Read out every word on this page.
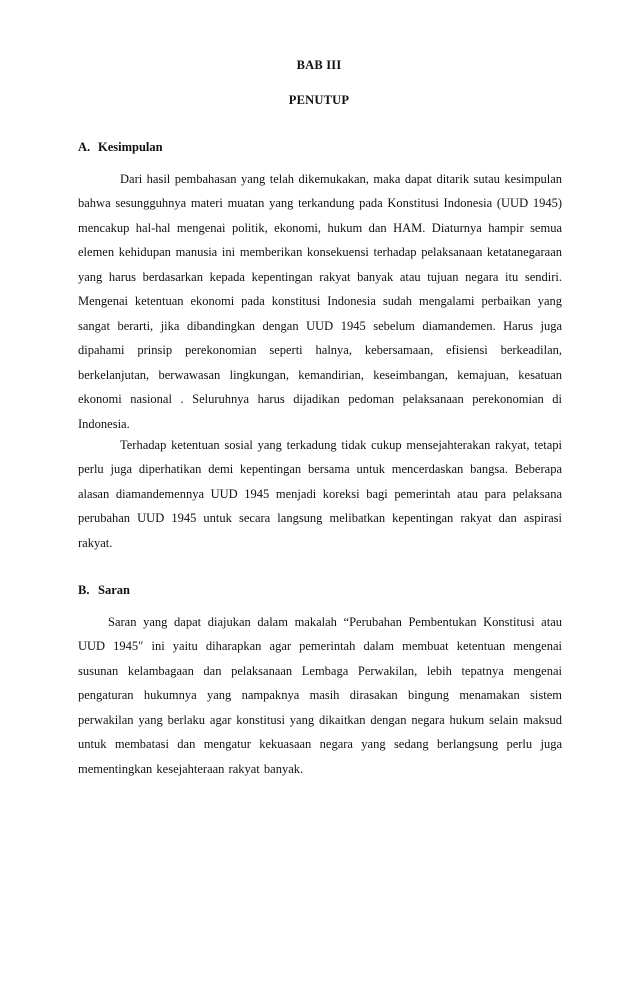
BAB III
PENUTUP
A. Kesimpulan

Dari hasil pembahasan yang telah dikemukakan, maka dapat ditarik sutau kesimpulan bahwa sesungguhnya materi muatan yang terkandung pada Konstitusi Indonesia (UUD 1945) mencakup hal-hal mengenai politik, ekonomi, hukum dan HAM. Diaturnya hampir semua elemen kehidupan manusia ini memberikan konsekuensi terhadap pelaksanaan ketatanegaraan yang harus berdasarkan kepada kepentingan rakyat banyak atau tujuan negara itu sendiri. Mengenai ketentuan ekonomi pada konstitusi Indonesia sudah mengalami perbaikan yang sangat berarti, jika dibandingkan dengan UUD 1945 sebelum diamandemen. Harus juga dipahami prinsip perekonomian seperti halnya, kebersamaan, efisiensi berkeadilan, berkelanjutan, berwawasan lingkungan, kemandirian, keseimbangan, kemajuan, kesatuan ekonomi nasional . Seluruhnya harus dijadikan pedoman pelaksanaan perekonomian di Indonesia.

Terhadap ketentuan sosial yang terkadung tidak cukup mensejahterakan rakyat, tetapi perlu juga diperhatikan demi kepentingan bersama untuk mencerdaskan bangsa. Beberapa alasan diamandemennya UUD 1945 menjadi koreksi bagi pemerintah atau para pelaksana perubahan UUD 1945 untuk secara langsung melibatkan kepentingan rakyat dan aspirasi rakyat.

B. Saran

Saran yang dapat diajukan dalam makalah “Perubahan Pembentukan Konstitusi atau UUD 1945″ ini yaitu diharapkan agar pemerintah dalam membuat ketentuan mengenai susunan kelambagaan dan pelaksanaan Lembaga Perwakilan, lebih tepatnya mengenai pengaturan hukumnya yang nampaknya masih dirasakan bingung menamakan sistem perwakilan yang berlaku agar konstitusi yang dikaitkan dengan negara hukum selain maksud untuk membatasi dan mengatur kekuasaan negara yang sedang berlangsung perlu juga mementingkan kesejahteraan rakyat banyak.
